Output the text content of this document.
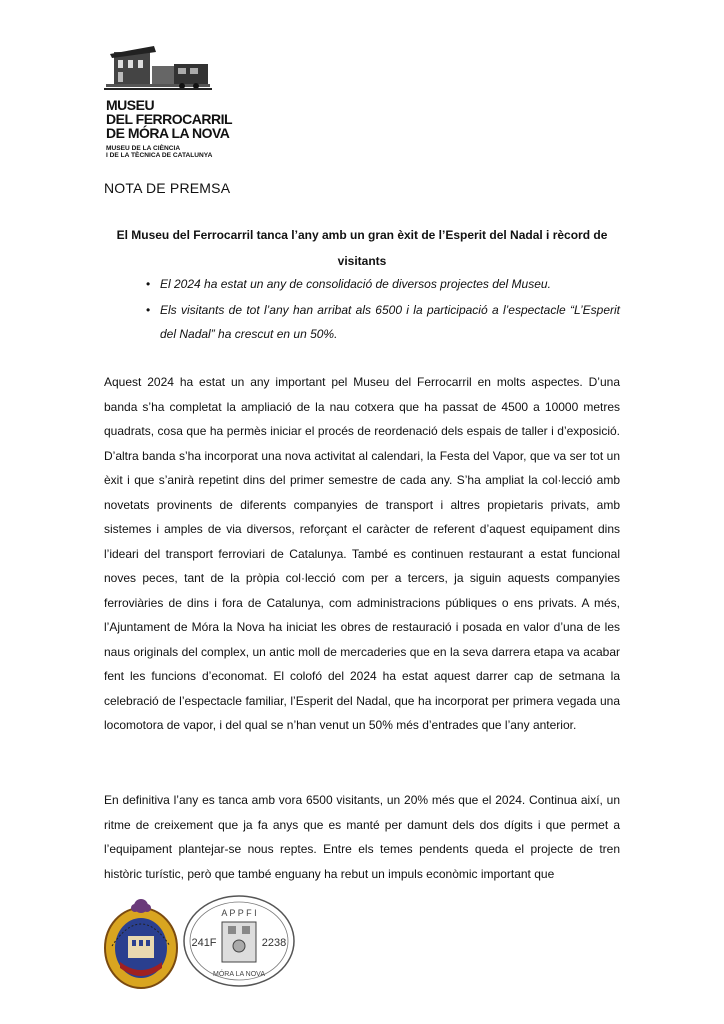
MUSEU
DEL FERROCARRIL
DE MÓRA LA NOVA
MUSEU DE LA CIÈNCIA
I DE LA TÈCNICA DE CATALUNYA
NOTA DE PREMSA
El Museu del Ferrocarril tanca l’any amb un gran èxit de l’Esperit del Nadal i rècord de visitants
• El 2024 ha estat un any de consolidació de diversos projectes del Museu.
• Els visitants de tot l’any han arribat als 6500 i la participació a l’espectacle “L’Esperit del Nadal” ha crescut en un 50%.
Aquest 2024 ha estat un any important pel Museu del Ferrocarril en molts aspectes. D’una banda s’ha completat la ampliació de la nau cotxera que ha passat de 4500 a 10000 metres quadrats, cosa que ha permès iniciar el procés de reordenació dels espais de taller i d’exposició. D’altra banda s’ha incorporat una nova activitat al calendari, la Festa del Vapor, que va ser tot un èxit i que s’anirà repetint dins del primer semestre de cada any. S’ha ampliat la col·lecció amb novetats provinents de diferents companyies de transport i altres propietaris privats, amb sistemes i amples de via diversos, reforçant el caràcter de referent d’aquest equipament dins l’ideari del transport ferroviari de Catalunya. També es continuen restaurant a estat funcional noves peces, tant de la pròpia col·lecció com per a tercers, ja siguin aquests companyies ferroviàries de dins i fora de Catalunya, com administracions públiques o ens privats. A més, l’Ajuntament de Móra la Nova ha iniciat les obres de restauració i posada en valor d’una de les naus originals del complex, un antic moll de mercaderies que en la seva darrera etapa va acabar fent les funcions d’economat. El colofó del 2024 ha estat aquest darrer cap de setmana la celebració de l’espectacle familiar, l’Esperit del Nadal, que ha incorporat per primera vegada una locomotora de vapor, i del qual se n’han venut un 50% més d’entrades que l’any anterior.
En definitiva l’any es tanca amb vora 6500 visitants, un 20% més que el 2024. Continua així, un ritme de creixement que ja fa anys que es manté per damunt dels dos dígits i que permet a l’equipament plantejar-se nous reptes. Entre els temes pendents queda el projecte de tren històric turístic, però que també enguany ha rebut un impuls econòmic important que
AJUNTAMENT DE LA VILA DE MÓRA LA NOVA
A P P F I
241F	2238
MÓRA LA NOVA
